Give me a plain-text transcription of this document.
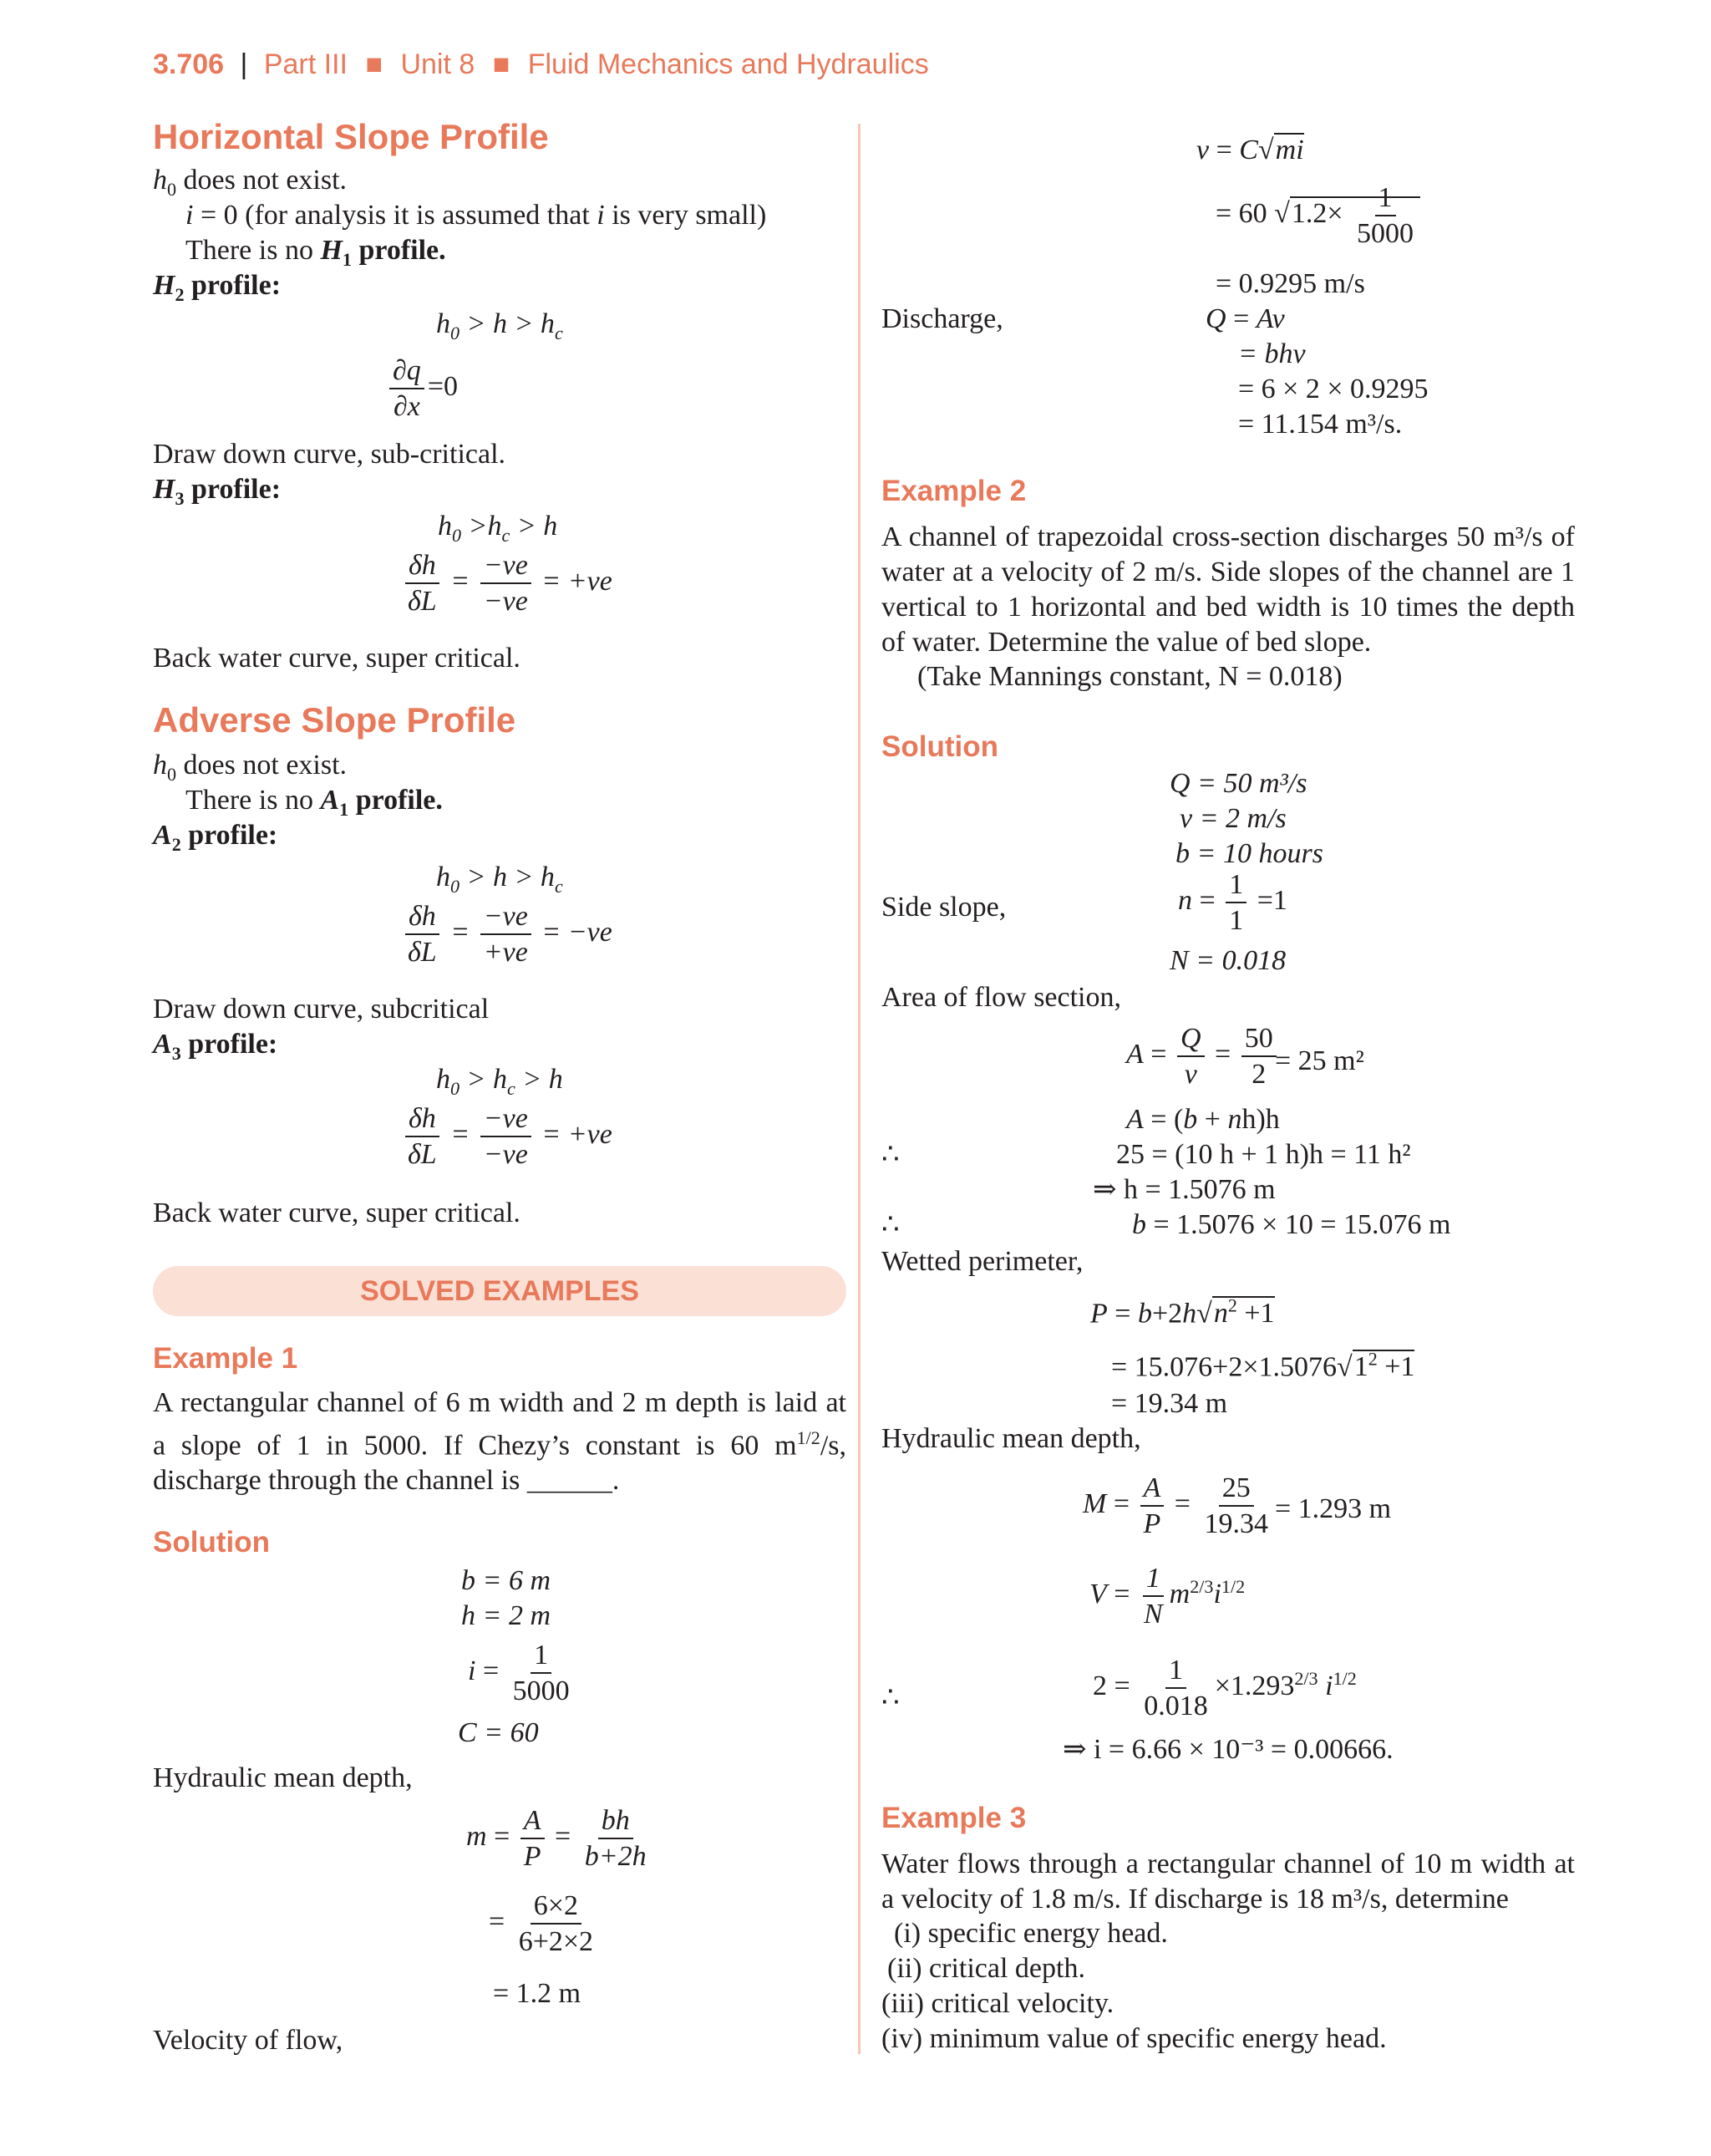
3.706 | Part III ■ Unit 8 ■ Fluid Mechanics and Hydraulics
Horizontal Slope Profile
$h_0$ does not exist.
i = 0 (for analysis it is assumed that i is very small)
There is no $H_1$ profile.
$H_2$ profile:
$h_0 > h > h_c$
$\frac{\partial q}{\partial x} =0$
Draw down curve, sub-critical.
$H_3$ profile:
$h_0 >h_c > h$
$\frac{\delta h}{\delta L} = \frac{-ve}{-ve} = +ve$
Back water curve, super critical.
Adverse Slope Profile
$h_0$ does not exist.
There is no $A_1$ profile.
$A_2$ profile:
$h_0 > h > h_c$
$\frac{\delta h}{\delta L} = \frac{-ve}{+ve} = -ve$
Draw down curve, subcritical
$A_3$ profile:
$h_0 > h_c > h$
$\frac{\delta h}{\delta L} = \frac{-ve}{-ve} = +ve$
Back water curve, super critical.
SOLVED EXAMPLES
Example 1
A rectangular channel of 6 m width and 2 m depth is laid at a slope of 1 in 5000. If Chezy’s constant is 60 $m^{1/2}/s$, discharge through the channel is ______.
Solution
b = 6 m
h = 2 m
$i = \frac{1}{5000}$
C = 60
Hydraulic mean depth,
$m = \frac{A}{P} = \frac{bh}{b+2h}$
= $\frac{6\times 2}{6+2\times 2}$
= 1.2 m
Velocity of flow,
v = C√mi
= 60 $√1.2\times \frac{1}{5000}$
= 0.9295 m/s
Discharge,	Q = Av
= bhv
= 6 × 2 × 0.9295
= 11.154 m³/s.
Example 2
A channel of trapezoidal cross-section discharges 50 m³/s of water at a velocity of 2 m/s. Side slopes of the channel are 1 vertical to 1 horizontal and bed width is 10 times the depth of water. Determine the value of bed slope.
(Take Mannings constant, N = 0.018)
Solution
Q = 50 m³/s
v = 2 m/s
b = 10 hours
Side slope,	$n = \frac{1}{1} =1$
N = 0.018
Area of flow section,
$A = \frac{Q}{v} = \frac{50}{2}$
= 25 m²
A = (b + nh)h
∴	25 = (10 h + 1 h)h = 11 h²
⇒ h = 1.5076 m
∴	b = 1.5076 × 10 = 15.076 m
Wetted perimeter,
$P = b+2h√n^2 +1$
= $15.076+2\times 1.5076√1^2 +1$
= 19.34 m
Hydraulic mean depth,
$M = \frac{A}{P} = \frac{25}{19.34} = 1.293$ m
$V = \frac{1}{N} m^{2/3}i^{1/2}$
∴	$2 = \frac{1}{0.018} \times 1.293^{2/3}$ $i^{1/2}$
⇒ i = 6.66 × 10⁻³ = 0.00666.
Example 3
Water flows through a rectangular channel of 10 m width at a velocity of 1.8 m/s. If discharge is 18 m³/s, determine
(i) specific energy head.
(ii) critical depth.
(iii) critical velocity.
(iv) minimum value of specific energy head.
